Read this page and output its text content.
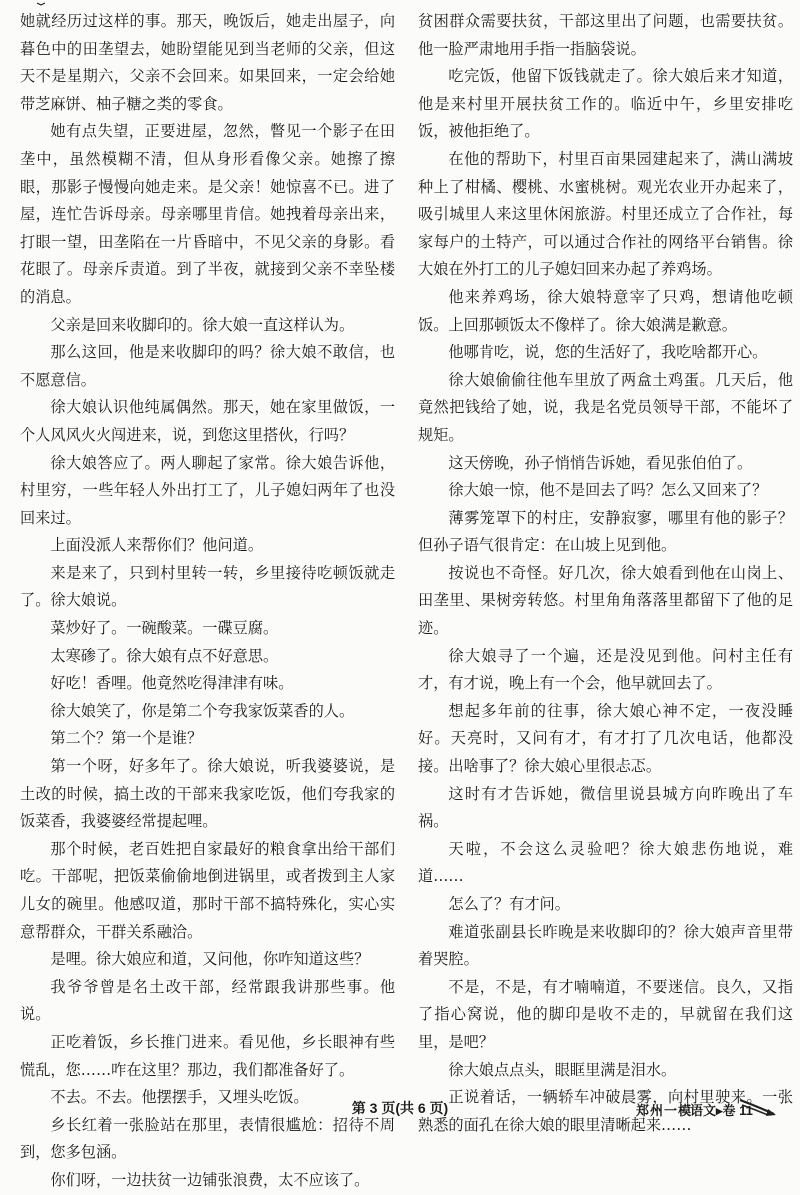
她就经历过这样的事。那天，晚饭后，她走出屋子，向暮色中的田垄望去，她盼望能见到当老师的父亲，但这天不是星期六，父亲不会回来。如果回来，一定会给她带芝麻饼、柚子糖之类的零食。

她有点失望，正要进屋，忽然，瞥见一个影子在田垄中，虽然模糊不清，但从身形看像父亲。她擦了擦眼，那影子慢慢向她走来。是父亲！她惊喜不已。进了屋，连忙告诉母亲。母亲哪里肯信。她拽着母亲出来，打眼一望，田垄陷在一片昏暗中，不见父亲的身影。看花眼了。母亲斥责道。到了半夜，就接到父亲不幸坠楼的消息。

父亲是回来收脚印的。徐大娘一直这样认为。

那么这回，他是来收脚印的吗？徐大娘不敢信，也不愿意信。

徐大娘认识他纯属偶然。那天，她在家里做饭，一个人风风火火闯进来，说，到您这里搭伙，行吗？

徐大娘答应了。两人聊起了家常。徐大娘告诉他，村里穷，一些年轻人外出打工了，儿子媳妇两年了也没回来过。

上面没派人来帮你们？他问道。

来是来了，只到村里转一转，乡里接待吃顿饭就走了。徐大娘说。

菜炒好了。一碗酸菜。一碟豆腐。

太寒碜了。徐大娘有点不好意思。

好吃！香哩。他竟然吃得津津有味。

徐大娘笑了，你是第二个夸我家饭菜香的人。

第二个？第一个是谁？

第一个呀，好多年了。徐大娘说，听我婆婆说，是土改的时候，搞土改的干部来我家吃饭，他们夸我家的饭菜香，我婆婆经常提起哩。

那个时候，老百姓把自家最好的粮食拿出给干部们吃。干部呢，把饭菜偷偷地倒进锅里，或者拨到主人家儿女的碗里。他感叹道，那时干部不搞特殊化，实心实意帮群众，干群关系融洽。

是哩。徐大娘应和道，又问他，你咋知道这些？

我爷爷曾是名土改干部，经常跟我讲那些事。他说。

正吃着饭，乡长推门进来。看见他，乡长眼神有些慌乱，您……咋在这里？那边，我们都准备好了。

不去。不去。他摆摆手，又埋头吃饭。

乡长红着一张脸站在那里，表情很尴尬：招待不周到，您多包涵。

你们呀，一边扶贫一边铺张浪费，太不应该了。

贫困群众需要扶贫，干部这里出了问题，也需要扶贫。他一脸严肃地用手指一指脑袋说。

吃完饭，他留下饭钱就走了。徐大娘后来才知道，他是来村里开展扶贫工作的。临近中午，乡里安排吃饭，被他拒绝了。

在他的帮助下，村里百亩果园建起来了，满山满坡种上了柑橘、樱桃、水蜜桃树。观光农业开办起来了，吸引城里人来这里休闲旅游。村里还成立了合作社，每家每户的土特产，可以通过合作社的网络平台销售。徐大娘在外打工的儿子媳妇回来办起了养鸡场。

他来养鸡场，徐大娘特意宰了只鸡，想请他吃顿饭。上回那顿饭太不像样了。徐大娘满是歉意。

他哪肯吃，说，您的生活好了，我吃啥都开心。

徐大娘偷偷往他车里放了两盒土鸡蛋。几天后，他竟然把钱给了她，说，我是名党员领导干部，不能坏了规矩。

这天傍晚，孙子悄悄告诉她，看见张伯伯了。

徐大娘一惊，他不是回去了吗？怎么又回来了？

薄雾笼罩下的村庄，安静寂寥，哪里有他的影子？但孙子语气很肯定：在山坡上见到他。

按说也不奇怪。好几次，徐大娘看到他在山岗上、田垄里、果树旁转悠。村里角角落落里都留下了他的足迹。

徐大娘寻了一个遍，还是没见到他。问村主任有才，有才说，晚上有一个会，他早就回去了。

想起多年前的往事，徐大娘心神不定，一夜没睡好。天亮时，又问有才，有才打了几次电话，他都没接。出啥事了？徐大娘心里很忐忑。

这时有才告诉她，微信里说县城方向昨晚出了车祸。

天啦，不会这么灵验吧？徐大娘悲伤地说，难道……

怎么了？有才问。

难道张副县长昨晚是来收脚印的？徐大娘声音里带着哭腔。

不是，不是，有才喃喃道，不要迷信。良久，又指了指心窝说，他的脚印是收不走的，早就留在我们这里，是吧？

徐大娘点点头，眼眶里满是泪水。

正说着话，一辆轿车冲破晨雾，向村里驶来。一张熟悉的面孔在徐大娘的眼里清晰起来……

第 3 页(共 6 页)	郑州一模
语文▸卷 11
